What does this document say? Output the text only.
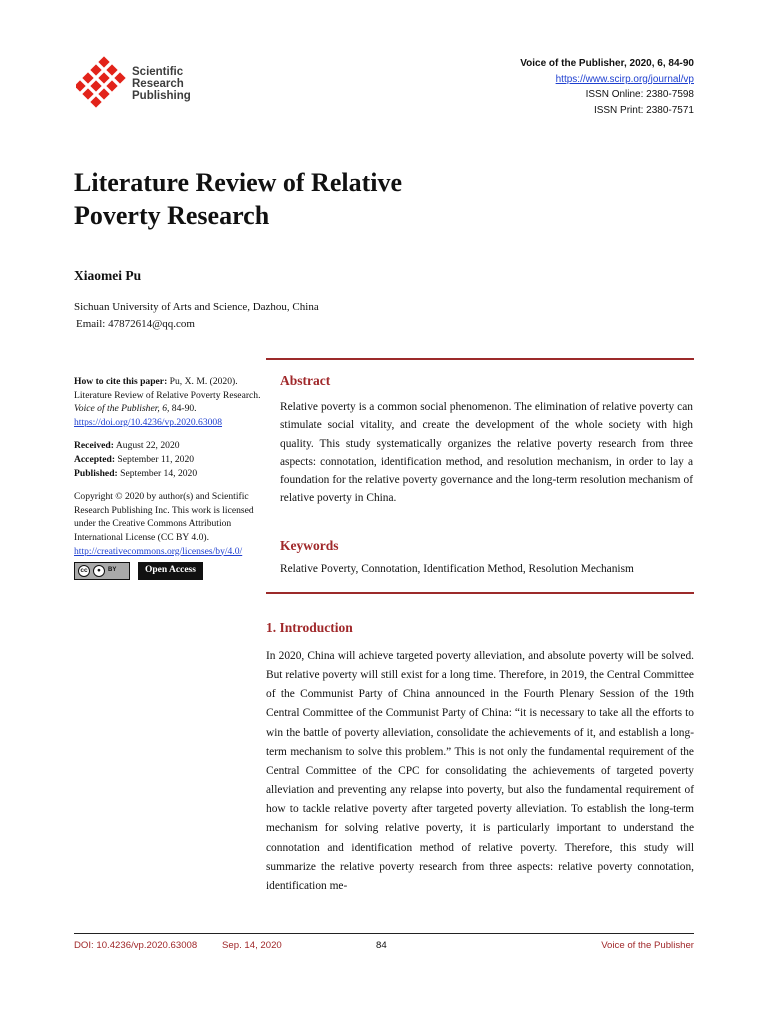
Scientific
Research
Publishing
Voice of the Publisher, 2020, 6, 84-90
https://www.scirp.org/journal/vp
ISSN Online: 2380-7598
ISSN Print: 2380-7571
Literature Review of Relative
Poverty Research
Xiaomei Pu
Sichuan University of Arts and Science, Dazhou, China
Email: 47872614@qq.com
How to cite this paper: Pu, X. M. (2020). Literature Review of Relative Poverty Research. Voice of the Publisher, 6, 84-90.
https://doi.org/10.4236/vp.2020.63008
Received: August 22, 2020
Accepted: September 11, 2020
Published: September 14, 2020
Copyright © 2020 by author(s) and Scientific Research Publishing Inc. This work is licensed under the Creative Commons Attribution International License (CC BY 4.0).
http://creativecommons.org/licenses/by/4.0/
cc	●	BY	Open Access
Abstract

Relative poverty is a common social phenomenon. The elimination of relative poverty can stimulate social vitality, and create the development of the whole society with high quality. This study systematically organizes the relative poverty research from three aspects: connotation, identification method, and resolution mechanism, in order to lay a foundation for the relative poverty governance and the long-term resolution mechanism of relative poverty in China.

Keywords

Relative Poverty, Connotation, Identification Method, Resolution Mechanism

1. Introduction

In 2020, China will achieve targeted poverty alleviation, and absolute poverty will be solved. But relative poverty will still exist for a long time. Therefore, in 2019, the Central Committee of the Communist Party of China announced in the Fourth Plenary Session of the 19th Central Committee of the Communist Party of China: “it is necessary to take all the efforts to win the battle of poverty alleviation, consolidate the achievements of it, and establish a long-term mechanism to solve this problem.” This is not only the fundamental requirement of the Central Committee of the CPC for consolidating the achievements of targeted poverty alleviation and preventing any relapse into poverty, but also the fundamental requirement of how to tackle relative poverty after targeted poverty alleviation. To establish the long-term mechanism for solving relative poverty, it is particularly important to understand the connotation and identification method of relative poverty. Therefore, this study will summarize the relative poverty research from three aspects: relative poverty connotation, identification me-

DOI: 10.4236/vp.2020.63008	Sep. 14, 2020	84	Voice of the Publisher
